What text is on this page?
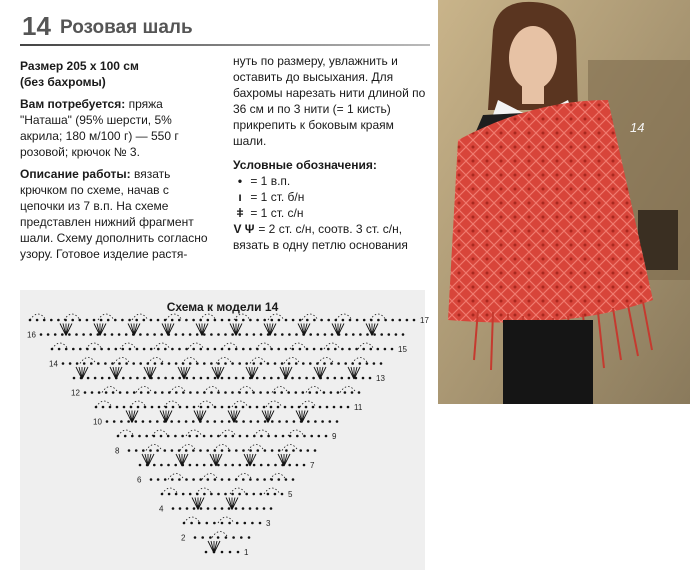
14 Розовая шаль

Размер 205 х 100 см
(без бахромы)

Вам потребуется: пряжа "Наташа" (95% шерсти, 5% акрила; 180 м/100 г) — 550 г розовой; крючок № 3.

Описание работы: вязать крючком по схеме, начав с цепочки из 7 в.п. На схеме представлен нижний фрагмент шали. Схему дополнить согласно узору. Готовое изделие растя-

нуть по размеру, увлажнить и оставить до высыхания. Для бахромы нарезать нити длиной по 36 см и по 3 нити (= 1 кисть) прикрепить к боковым краям шали.

Условные обозначения:
• = 1 в.п.
ı = 1 ст. б/н
ǂ = 1 ст. с/н
V Ψ = 2 ст. с/н, соотв. 3 ст. с/н, вязать в одну петлю основания
14
1
2
3
4
5
6
7
8
9
10
11
12
13
14
15
16
17
Схема к модели 14
